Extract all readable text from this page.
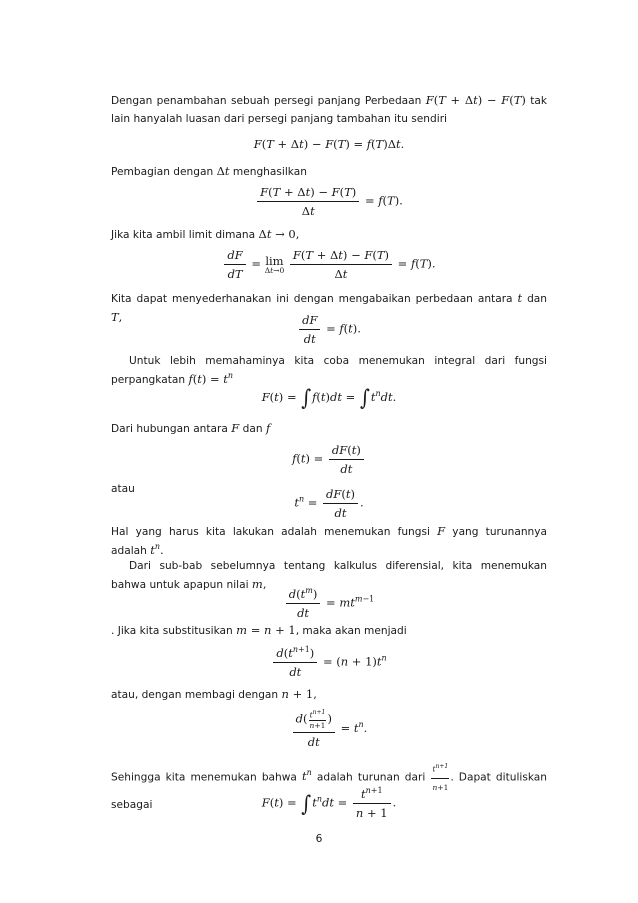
Dengan penambahan sebuah persegi panjang Perbedaan F(T + Δt) − F(T) tak lain hanyalah luasan dari persegi panjang tambahan itu sendiri

F(T + Δt) − F(T) = f(T)Δt.

Pembagian dengan Δt menghasilkan

$\frac{F(T + \Delta t) - F(T)}{\Delta t} = f(T)$.

Jika kita ambil limit dimana Δt → 0,

$\frac{dF}{dT} = \lim$
Δt→0
$\frac{F(T + \Delta t) - F(T)}{\Delta t} = f(T)$.

Kita dapat menyederhanakan ini dengan mengabaikan perbedaan antara t dan T,	$\frac{dF}{dt} = f(t)$.

Untuk lebih memahaminya kita coba menemukan integral dari fungsi perpangkatan $f(t) = t^n$

$F(t) = \int f(t)dt = \int t^ndt$.

Dari hubungan antara F dan f

$f(t) = \frac{dF(t)}{dt}$

atau

$t^n = \frac{dF(t)}{dt}$ .

Hal yang harus kita lakukan adalah menemukan fungsi F yang turunannya adalah $t^n$.

Dari sub-bab sebelumnya tentang kalkulus diferensial, kita menemukan bahwa untuk apapun nilai m,

$\frac{d(t^m)}{dt} = mt^{m-1}$

. Jika kita substitusikan m = n + 1, maka akan menjadi

$\frac{d(t^{n+1})}{dt} = (n + 1)t^n$

atau, dengan membagi dengan n + 1,

$\frac{d( \frac{t^{n+1}}{n+1} )}{dt} = t^n$.

Sehingga kita menemukan bahwa $t^n$ adalah turunan dari $\frac{t^{n+1}}{n+1}$ . Dapat dituliskan sebagai	$F(t) = \int t^ndt = \frac{t^{n+1}}{n + 1}$ .
6
